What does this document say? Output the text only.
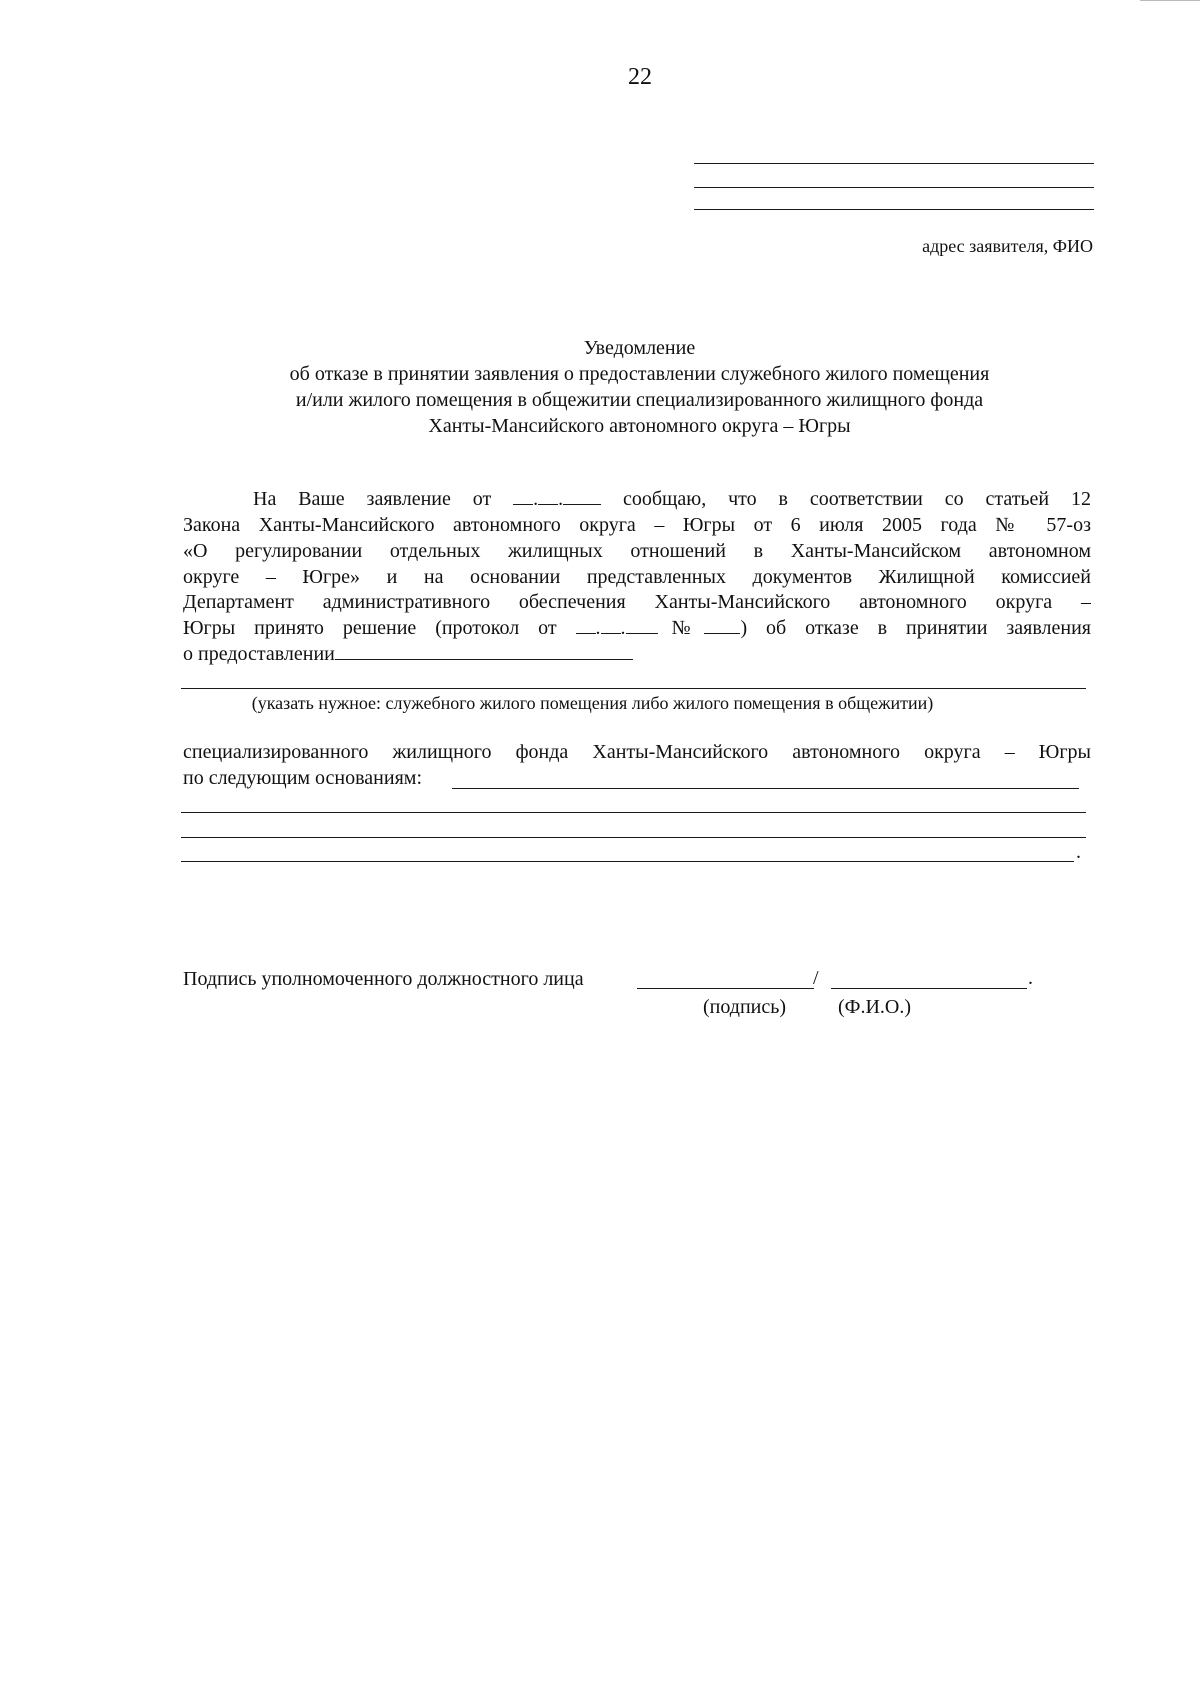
22
адрес заявителя, ФИО
Уведомление
об отказе в принятии заявления о предоставлении служебного жилого помещения
и/или жилого помещения в общежитии специализированного жилищного фонда
Ханты-Мансийского автономного округа – Югры
На Ваше заявление от . .	сообщаю, что в соответствии со статьей 12
Закона Ханты-Мансийского автономного округа – Югры от 6 июля 2005 года № 57-оз
«О регулировании отдельных жилищных отношений в Ханты-Мансийском автономном
округе – Югре» и на основании представленных документов Жилищной комиссией
Департамент административного обеспечения Ханты-Мансийского автономного округа –
Югры принято решение (протокол от . . № ) об отказе в принятии заявления
о предоставлении
(указать нужное: служебного жилого помещения либо жилого помещения в общежитии)
специализированного жилищного фонда Ханты-Мансийского автономного округа – Югры
по следующим основаниям:
.
Подпись уполномоченного должностного лица	/	.
(подпись)	(Ф.И.О.)
